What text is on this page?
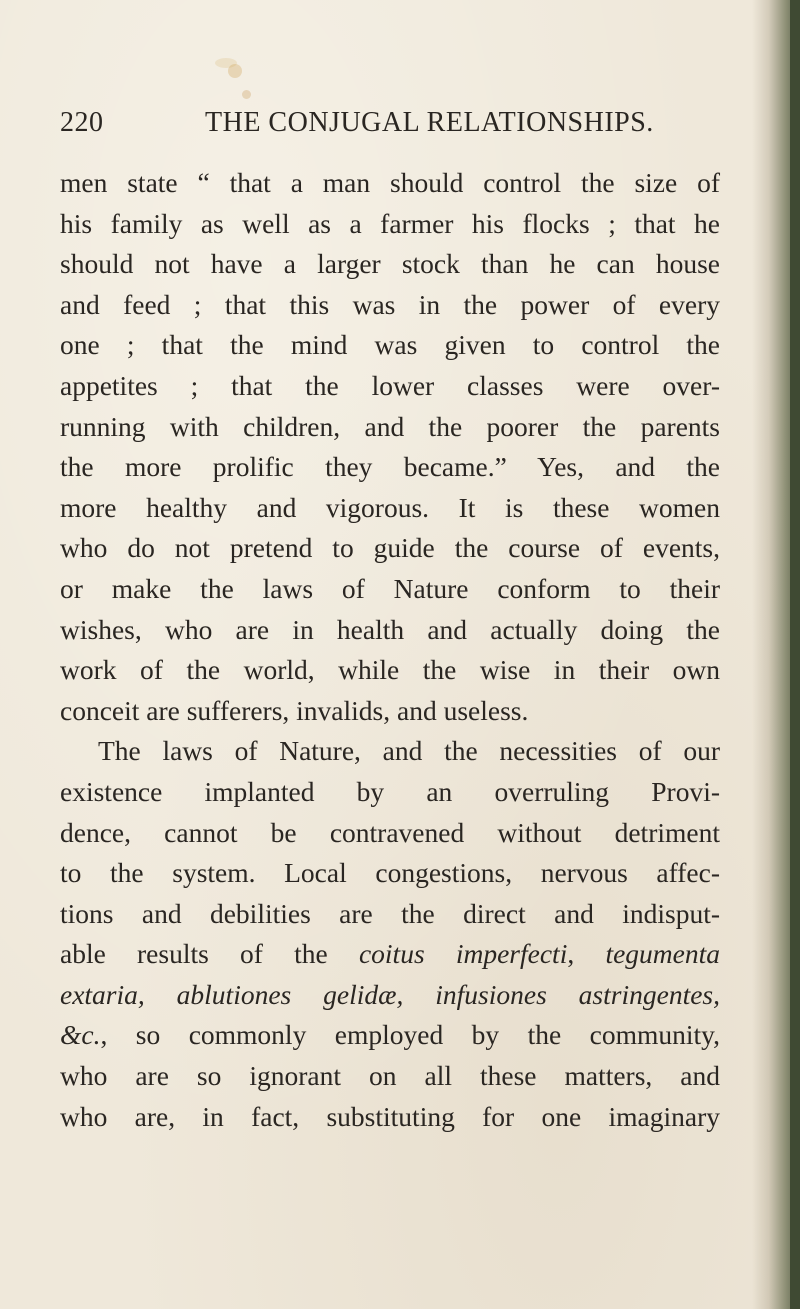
220	THE CONJUGAL RELATIONSHIPS.
men state “ that a man should control the size of
his family as well as a farmer his flocks ; that he
should not have a larger stock than he can house
and feed ; that this was in the power of every
one ; that the mind was given to control the
appetites ; that the lower classes were over-
running with children, and the poorer the parents
the more prolific they became.” Yes, and the
more healthy and vigorous. It is these women
who do not pretend to guide the course of events,
or make the laws of Nature conform to their
wishes, who are in health and actually doing the
work of the world, while the wise in their own
conceit are sufferers, invalids, and useless.
The laws of Nature, and the necessities of our
existence implanted by an overruling Provi-
dence, cannot be contravened without detriment
to the system. Local congestions, nervous affec-
tions and debilities are the direct and indisput-
able results of the coitus imperfecti, tegumenta
extaria, ablutiones gelidæ, infusiones astringentes,
&c., so commonly employed by the community,
who are so ignorant on all these matters, and
who are, in fact, substituting for one imaginary
